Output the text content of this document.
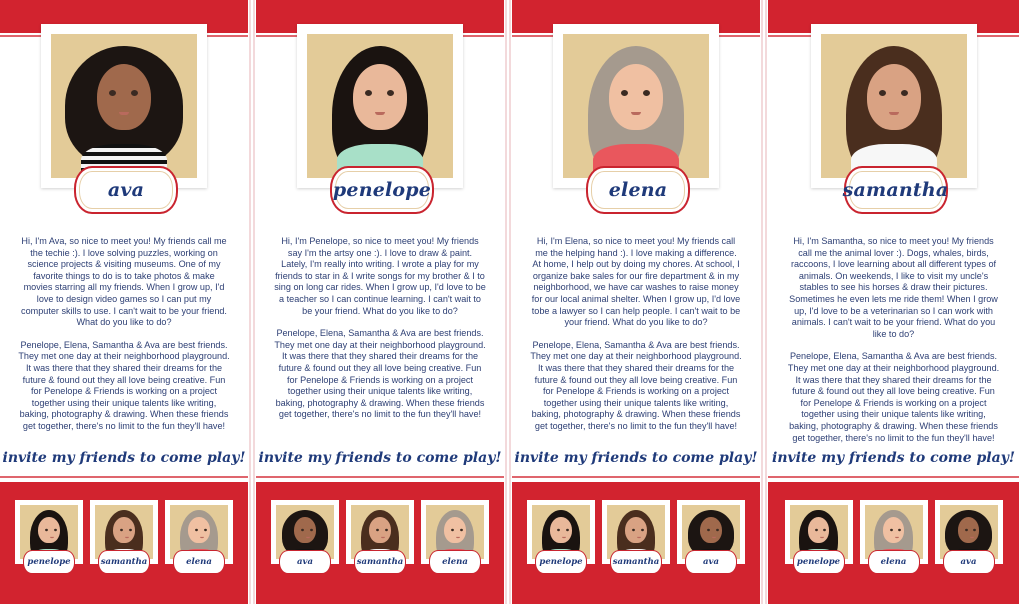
ava

Hi, I'm Ava, so nice to meet you! My friends call me the techie :). I love solving puzzles, working on science projects & visiting museums. One of my favorite things to do is to take photos & make movies starring all my friends. When I grow up, I'd love to design video games so I can put my computer skills to use. I can't wait to be your friend. What do you like to do?

Penelope, Elena, Samantha & Ava are best friends. They met one day at their neighborhood playground. It was there that they shared their dreams for the future & found out they all love being creative. Fun for Penelope & Friends is working on a project together using their unique talents like writing, baking, photography & drawing. When these friends get together, there's no limit to the fun they'll have!

invite my friends to come play!
penelope	samantha	elena
penelope

Hi, I'm Penelope, so nice to meet you! My friends say I'm the artsy one :). I love to draw & paint. Lately, I'm really into writing. I wrote a play for my friends to star in & I write songs for my brother & I to sing on long car rides. When I grow up, I'd love to be a teacher so I can continue learning. I can't wait to be your friend. What do you like to do?

Penelope, Elena, Samantha & Ava are best friends. They met one day at their neighborhood playground. It was there that they shared their dreams for the future & found out they all love being creative. Fun for Penelope & Friends is working on a project together using their unique talents like writing, baking, photography & drawing. When these friends get together, there's no limit to the fun they'll have!

invite my friends to come play!
ava	samantha	elena
elena

Hi, I'm Elena, so nice to meet you! My friends call me the helping hand :). I love making a difference. At home, I help out by doing my chores. At school, I organize bake sales for our fire department & in my neighborhood, we have car washes to raise money for our local animal shelter. When I grow up, I'd love tobe a lawyer so I can help people. I can't wait to be your friend. What do you like to do?

Penelope, Elena, Samantha & Ava are best friends. They met one day at their neighborhood playground. It was there that they shared their dreams for the future & found out they all love being creative. Fun for Penelope & Friends is working on a project together using their unique talents like writing, baking, photography & drawing. When these friends get together, there's no limit to the fun they'll have!

invite my friends to come play!
penelope	samantha	ava
samantha

Hi, I'm Samantha, so nice to meet you! My friends call me the animal lover :). Dogs, whales, birds, raccoons, I love learning about all different types of animals. On weekends, I like to visit my uncle's stables to see his horses & draw their pictures. Sometimes he even lets me ride them! When I grow up, I'd love to be a veterinarian so I can work with animals. I can't wait to be your friend. What do you like to do?

Penelope, Elena, Samantha & Ava are best friends. They met one day at their neighborhood playground. It was there that they shared their dreams for the future & found out they all love being creative. Fun for Penelope & Friends is working on a project together using their unique talents like writing, baking, photography & drawing. When these friends get together, there's no limit to the fun they'll have!

invite my friends to come play!
penelope	elena	ava
